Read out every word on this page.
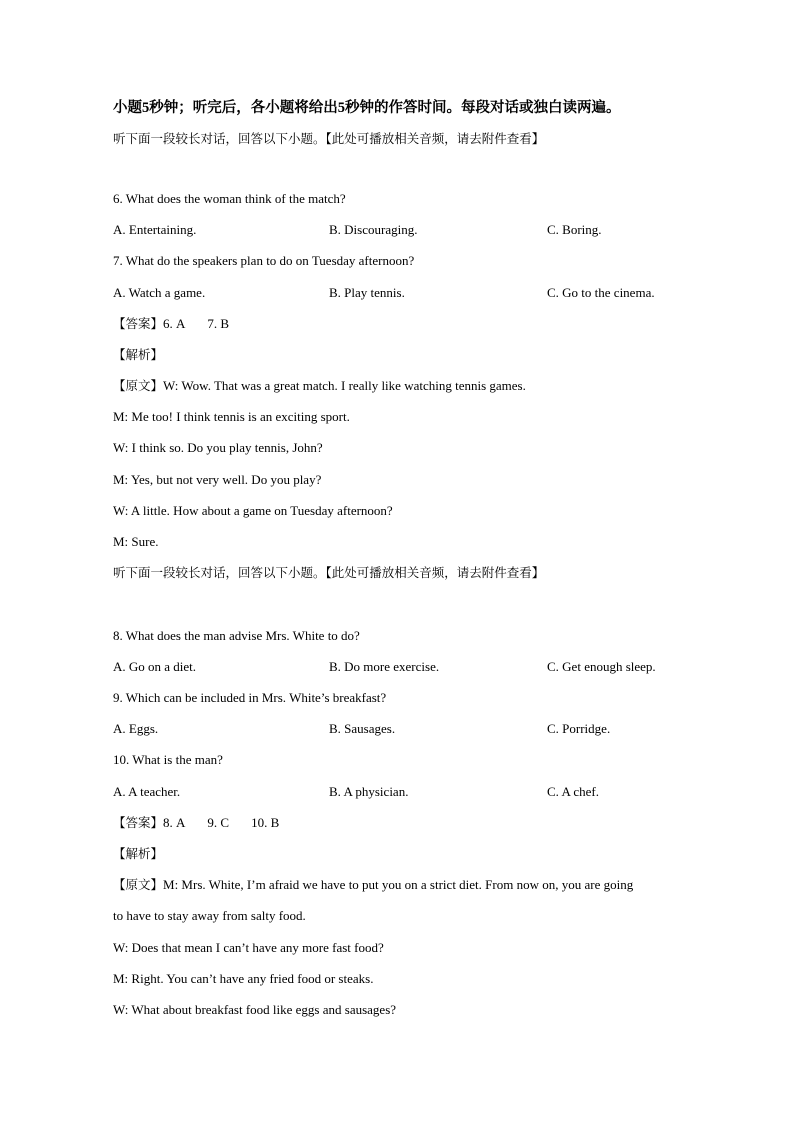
小题5秒钟；听完后，各小题将给出5秒钟的作答时间。每段对话或独白读两遍。
听下面一段较长对话，回答以下小题。【此处可播放相关音频，请去附件查看】
6. What does the woman think of the match?
A. Entertaining.	B. Discouraging.	C. Boring.
7. What do the speakers plan to do on Tuesday afternoon?
A. Watch a game.	B. Play tennis.	C. Go to the cinema.
【答案】6. A 7. B
【解析】
【原文】W: Wow. That was a great match. I really like watching tennis games.
M: Me too! I think tennis is an exciting sport.
W: I think so. Do you play tennis, John?
M: Yes, but not very well. Do you play?
W: A little. How about a game on Tuesday afternoon?
M: Sure.
听下面一段较长对话，回答以下小题。【此处可播放相关音频，请去附件查看】
8. What does the man advise Mrs. White to do?
A. Go on a diet.	B. Do more exercise.	C. Get enough sleep.
9. Which can be included in Mrs. White’s breakfast?
A. Eggs.	B. Sausages.	C. Porridge.
10. What is the man?
A. A teacher.	B. A physician.	C. A chef.
【答案】8. A 9. C 10. B
【解析】
【原文】M: Mrs. White, I’m afraid we have to put you on a strict diet. From now on, you are going
to have to stay away from salty food.
W: Does that mean I can’t have any more fast food?
M: Right. You can’t have any fried food or steaks.
W: What about breakfast food like eggs and sausages?
